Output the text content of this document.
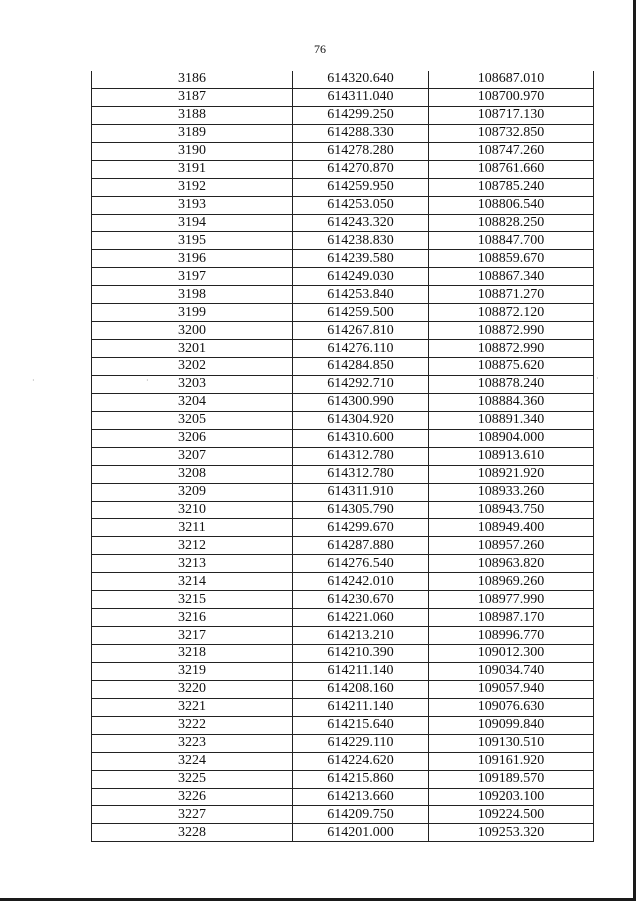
76
3186	614320.640	108687.010
3187	614311.040	108700.970
3188	614299.250	108717.130
3189	614288.330	108732.850
3190	614278.280	108747.260
3191	614270.870	108761.660
3192	614259.950	108785.240
3193	614253.050	108806.540
3194	614243.320	108828.250
3195	614238.830	108847.700
3196	614239.580	108859.670
3197	614249.030	108867.340
3198	614253.840	108871.270
3199	614259.500	108872.120
3200	614267.810	108872.990
3201	614276.110	108872.990
3202	614284.850	108875.620
3203	614292.710	108878.240
3204	614300.990	108884.360
3205	614304.920	108891.340
3206	614310.600	108904.000
3207	614312.780	108913.610
3208	614312.780	108921.920
3209	614311.910	108933.260
3210	614305.790	108943.750
3211	614299.670	108949.400
3212	614287.880	108957.260
3213	614276.540	108963.820
3214	614242.010	108969.260
3215	614230.670	108977.990
3216	614221.060	108987.170
3217	614213.210	108996.770
3218	614210.390	109012.300
3219	614211.140	109034.740
3220	614208.160	109057.940
3221	614211.140	109076.630
3222	614215.640	109099.840
3223	614229.110	109130.510
3224	614224.620	109161.920
3225	614215.860	109189.570
3226	614213.660	109203.100
3227	614209.750	109224.500
3228	614201.000	109253.320
·	·	·
